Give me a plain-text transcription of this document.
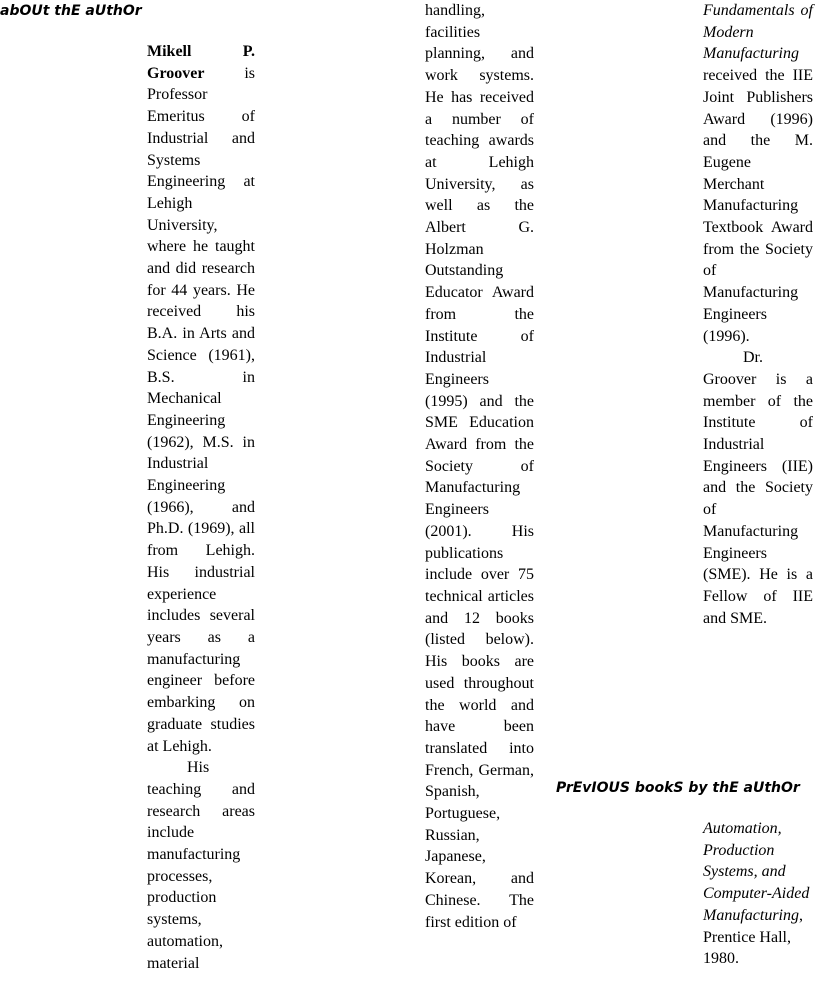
abOUt thE aUthOr

Mikell P. Groover is Professor Emeritus of Industrial and Systems Engineering at Lehigh University, where he taught and did research for 44 years. He received his B.A. in Arts and Science (1961), B.S. in Mechanical Engineering (1962), M.S. in Industrial Engineering (1966), and Ph.D. (1969), all from Lehigh. His industrial experience includes several years as a manufacturing engineer before embarking on graduate studies at Lehigh.

His teaching and research areas include manufacturing processes, production systems, automation, material

handling, facilities planning, and work systems. He has received a number of teaching awards at Lehigh University, as well as the Albert G. Holzman Outstanding Educator Award from the Institute of Industrial Engineers (1995) and the SME Education Award from the Society of Manufacturing Engineers (2001). His publications include over 75 technical articles and 12 books (listed below). His books are used throughout the world and have been translated into French, German, Spanish, Portuguese, Russian, Japanese, Korean, and Chinese. The first edition of

Fundamentals of Modern Manufacturing received the IIE Joint Publishers Award (1996) and the M. Eugene Merchant Manufacturing Textbook Award from the Society of Manufacturing Engineers (1996).

Dr. Groover is a member of the Institute of Industrial Engineers (IIE) and the Society of Manufacturing Engineers (SME). He is a Fellow of IIE and SME.

PrEvIOUS bookS by thE aUthOr

Automation, Production Systems, and Computer-Aided Manufacturing, Prentice Hall, 1980.
